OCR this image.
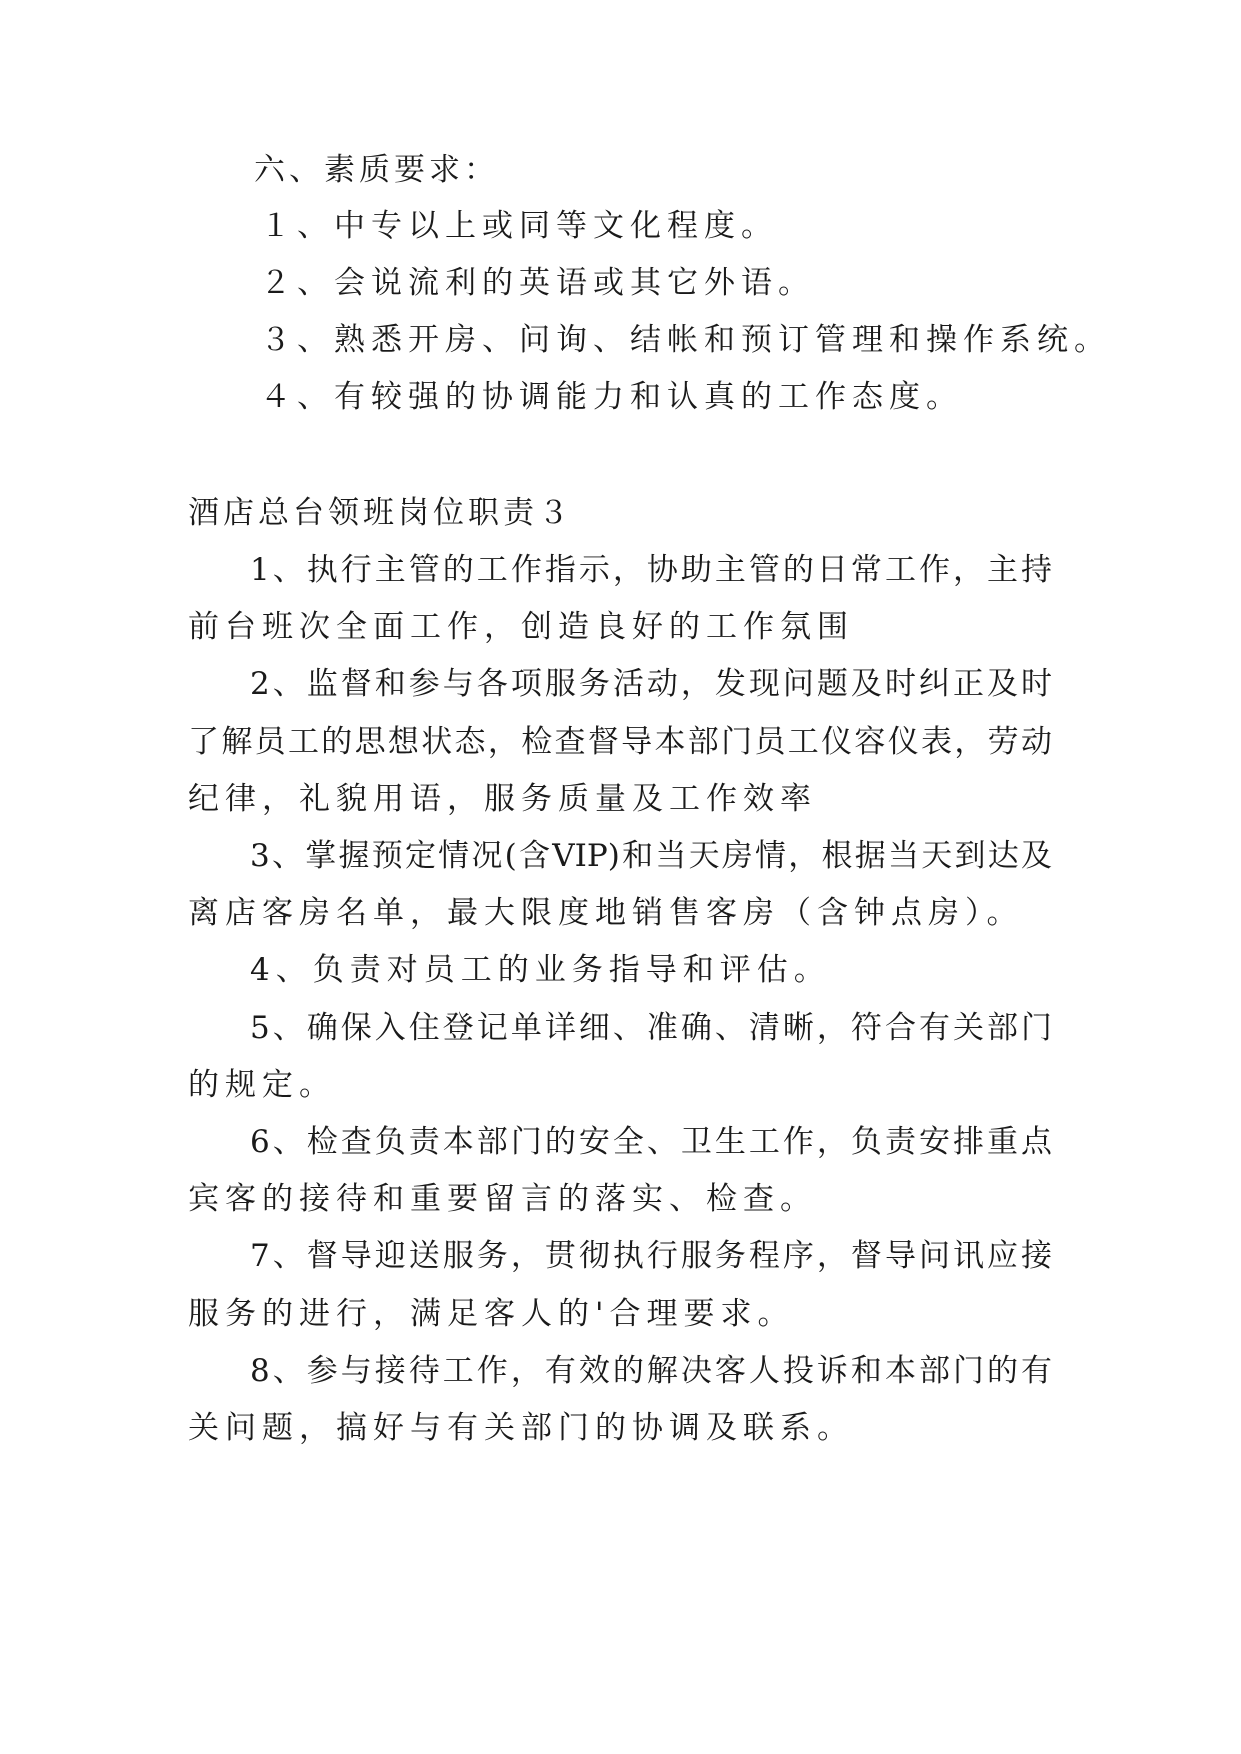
六、素质要求：
１、中专以上或同等文化程度。
２、会说流利的英语或其它外语。
３、熟悉开房、问询、结帐和预订管理和操作系统。
４、有较强的协调能力和认真的工作态度。
酒店总台领班岗位职责３
1、执行主管的工作指示，协助主管的日常工作，主持
前台班次全面工作，创造良好的工作氛围
2、监督和参与各项服务活动，发现问题及时纠正及时
了解员工的思想状态，检查督导本部门员工仪容仪表，劳动
纪律，礼貌用语，服务质量及工作效率
3、掌握预定情况(含VIP)和当天房情，根据当天到达及
离店客房名单，最大限度地销售客房（含钟点房）。
4、负责对员工的业务指导和评估。
5、确保入住登记单详细、准确、清晰，符合有关部门
的规定。
6、检查负责本部门的安全、卫生工作，负责安排重点
宾客的接待和重要留言的落实、检查。
7、督导迎送服务，贯彻执行服务程序，督导问讯应接
服务的进行，满足客人的'合理要求。
8、参与接待工作，有效的解决客人投诉和本部门的有
关问题，搞好与有关部门的协调及联系。
